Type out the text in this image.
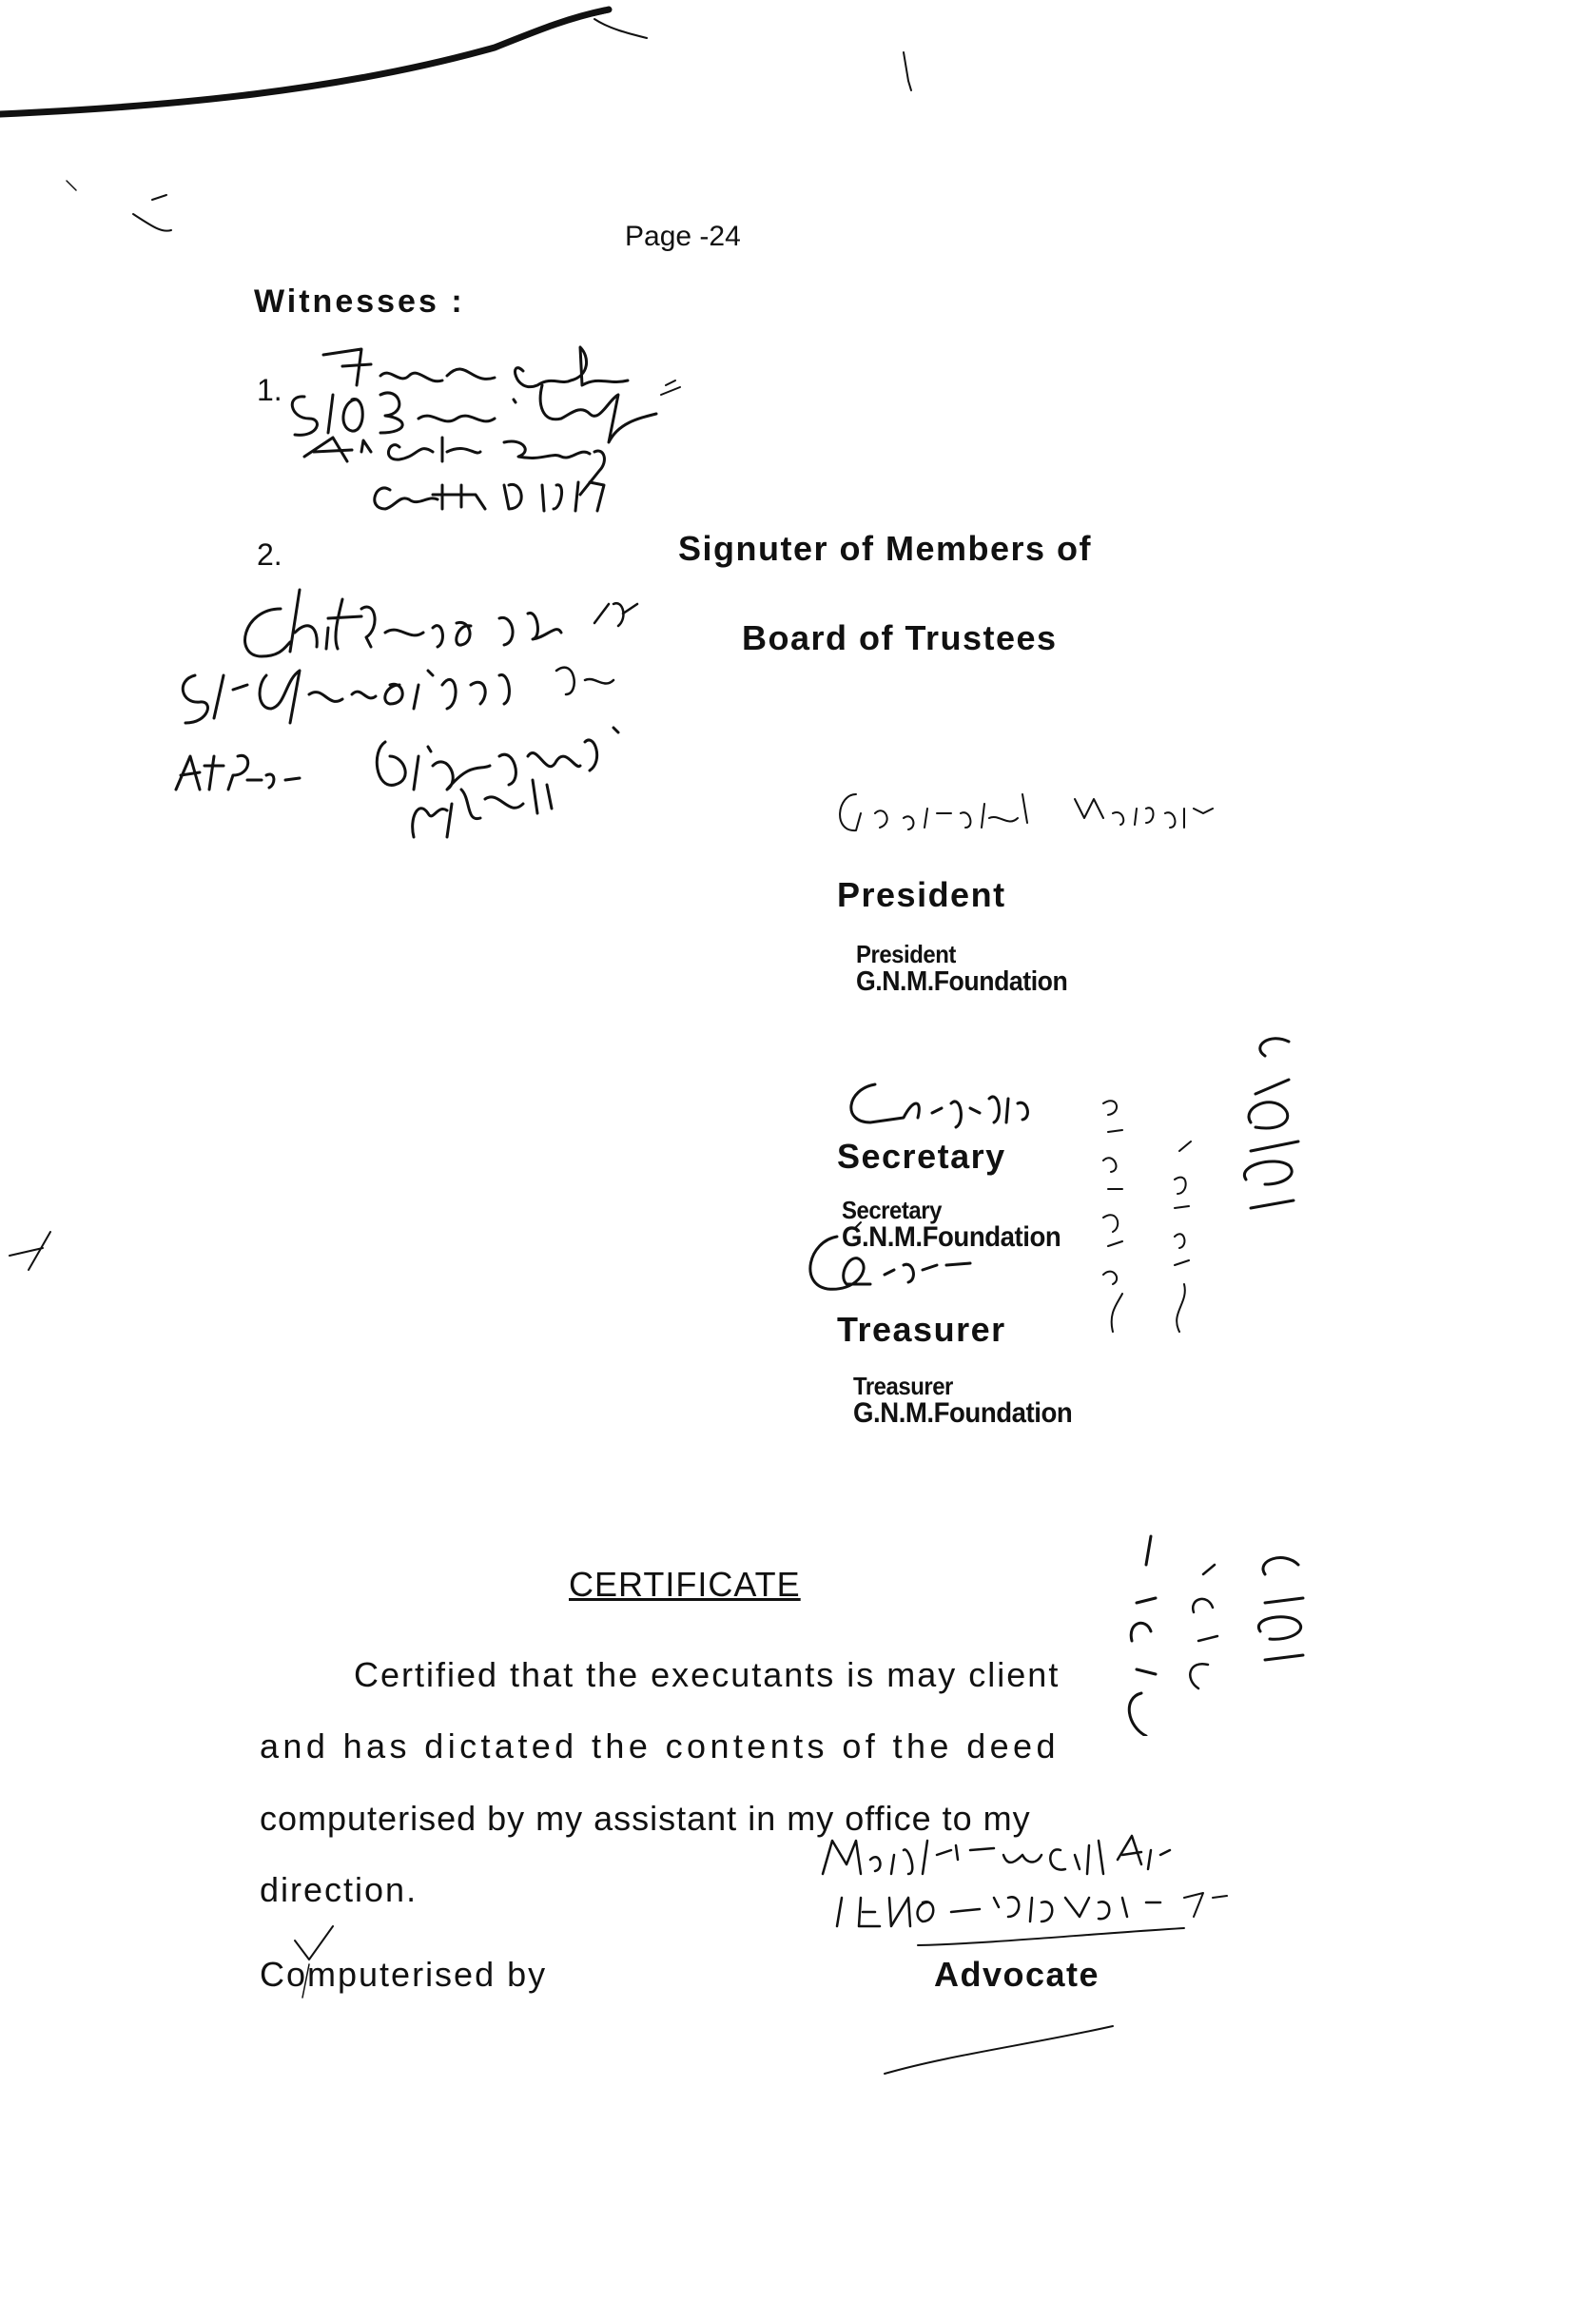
Page -24
Witnesses :
1.
2.	Signuter of Members of
Board of Trustees
President
President
G.N.M.Foundation
Secretary
Secretary
G.N.M.Foundation
Treasurer
Treasurer
G.N.M.Foundation
CERTIFICATE
Certified that the executants is may client
and has dictated the contents of the deed
computerised by my assistant in my office to my
direction.
Computerised by	Advocate
